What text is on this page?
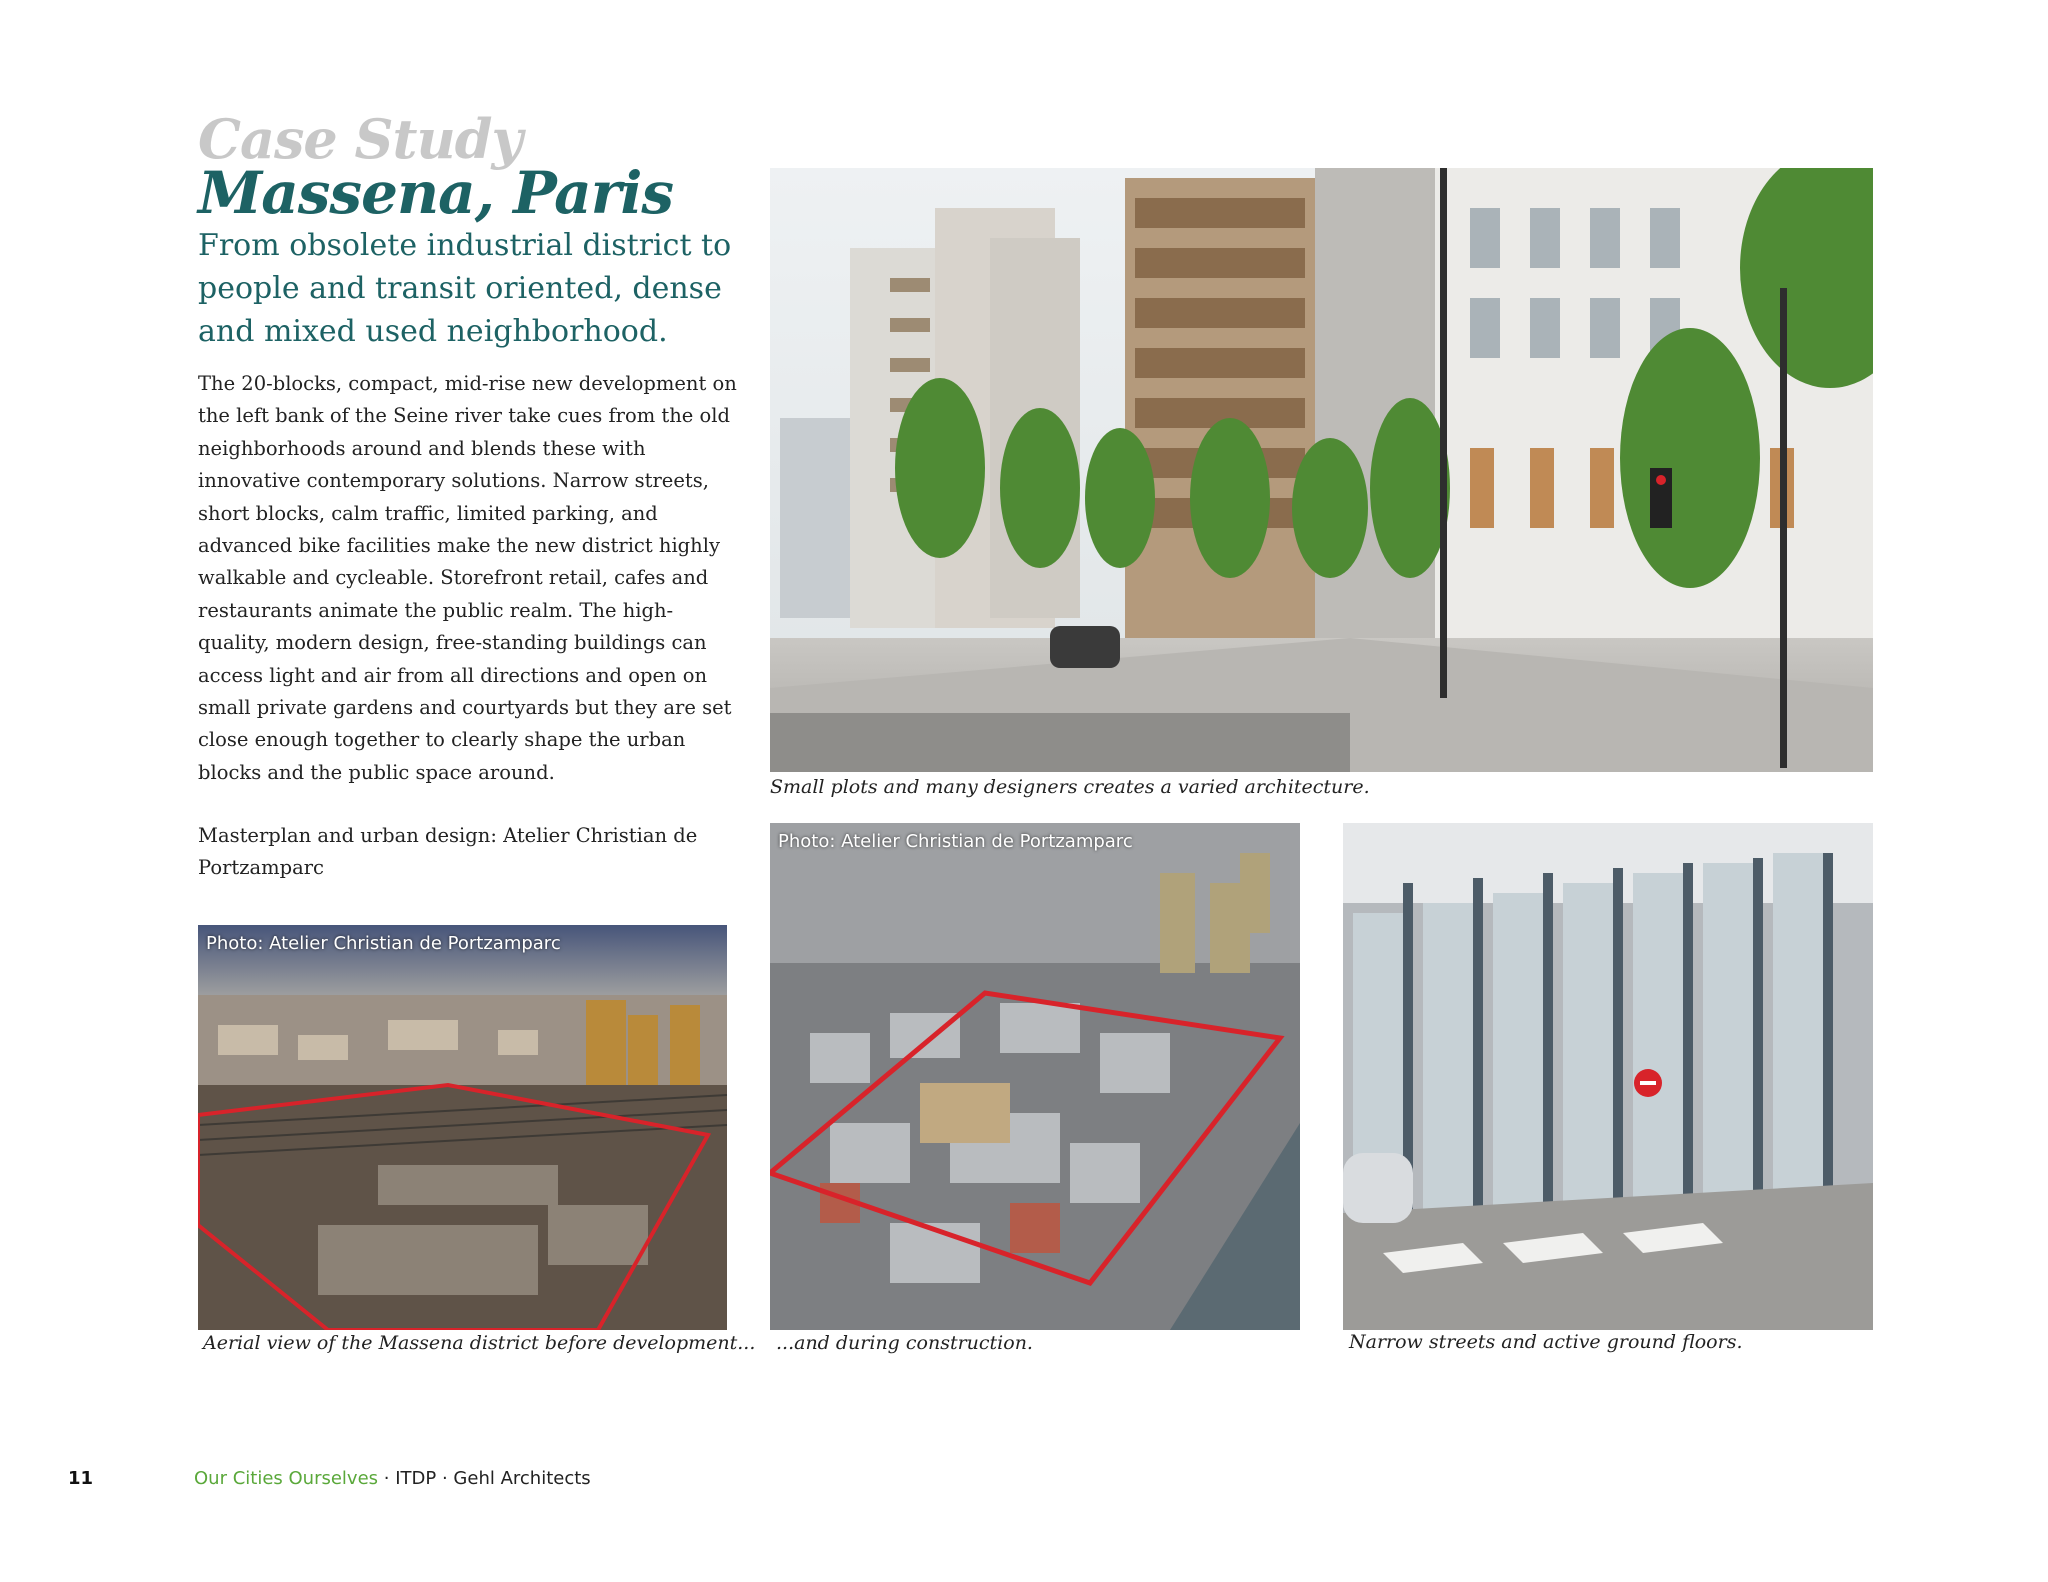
Case Study
Massena, Paris
From obsolete industrial district to people and transit oriented, dense and mixed used neighborhood.

The 20-blocks, compact, mid-rise new development on the left bank of the Seine river take cues from the old neighborhoods around and blends these with innovative contemporary solutions. Narrow streets, short blocks, calm traffic, limited parking, and advanced bike facilities make the new district highly walkable and cycleable. Storefront retail, cafes and restaurants animate the public realm. The high-quality, modern design, free-standing buildings can access light and air from all directions and open on small private gardens and courtyards but they are set close enough together to clearly shape the urban blocks and the public space around.

Masterplan and urban design: Atelier Christian de Portzamparc

Small plots and many designers creates a varied architecture.
Photo: Atelier Christian de Portzamparc
Aerial view of the Massena district before development...
Photo: Atelier Christian de Portzamparc
...and during construction.	Narrow streets and active ground floors.
11	Our Cities Ourselves · ITDP · Gehl Architects
